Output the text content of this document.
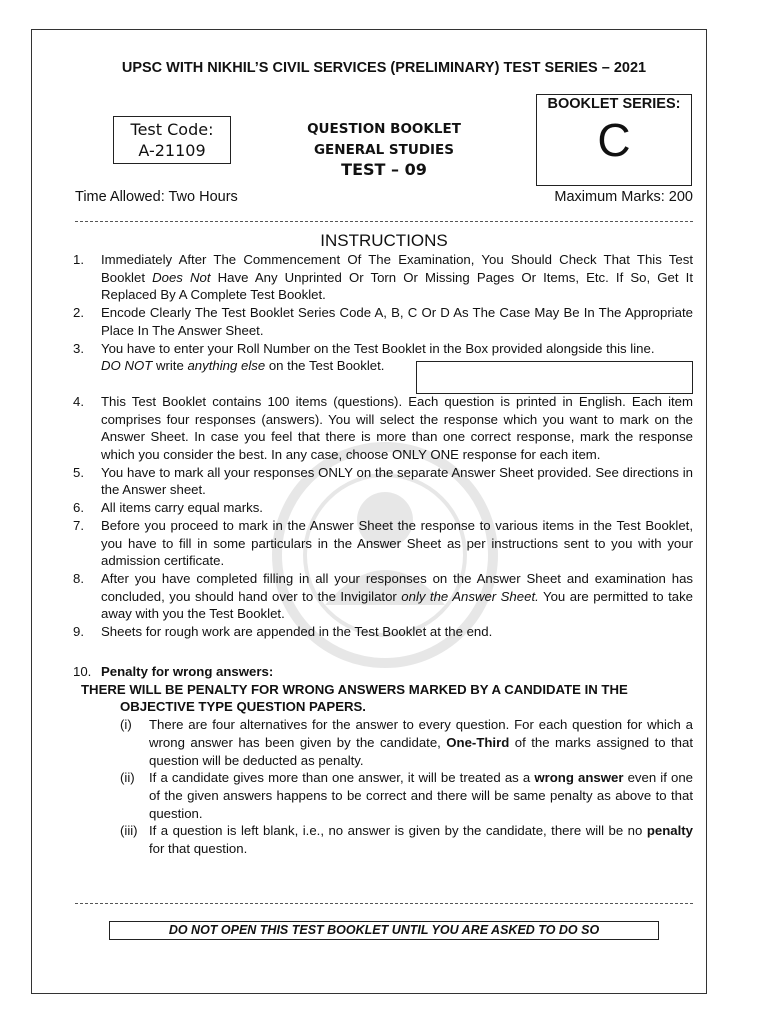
UPSC WITH NIKHIL’S CIVIL SERVICES (PRELIMINARY) TEST SERIES – 2021
Test Code:
A-21109
QUESTION BOOKLET
GENERAL STUDIES
TEST – 09
BOOKLET SERIES:
C
Time Allowed: Two Hours	Maximum Marks: 200
INSTRUCTIONS
1.	Immediately After The Commencement Of The Examination, You Should Check That This Test Booklet Does Not Have Any Unprinted Or Torn Or Missing Pages Or Items, Etc. If So, Get It Replaced By A Complete Test Booklet.
2.	Encode Clearly The Test Booklet Series Code A, B, C Or D As The Case May Be In The Appropriate Place In The Answer Sheet.
3.	You have to enter your Roll Number on the Test Booklet in the Box provided alongside this line.
DO NOT write anything else on the Test Booklet.
4.	This Test Booklet contains 100 items (questions). Each question is printed in English. Each item comprises four responses (answers). You will select the response which you want to mark on the Answer Sheet. In case you feel that there is more than one correct response, mark the response which you consider the best. In any case, choose ONLY ONE response for each item.
5.	You have to mark all your responses ONLY on the separate Answer Sheet provided. See directions in the Answer sheet.
6.	All items carry equal marks.
7.	Before you proceed to mark in the Answer Sheet the response to various items in the Test Booklet, you have to fill in some particulars in the Answer Sheet as per instructions sent to you with your admission certificate.
8.	After you have completed filling in all your responses on the Answer Sheet and examination has concluded, you should hand over to the Invigilator only the Answer Sheet. You are permitted to take away with you the Test Booklet.
9.	Sheets for rough work are appended in the Test Booklet at the end.
10. Penalty for wrong answers:
THERE WILL BE PENALTY FOR WRONG ANSWERS MARKED BY A CANDIDATE IN THE
OBJECTIVE TYPE QUESTION PAPERS.
(i)	There are four alternatives for the answer to every question. For each question for which a wrong answer has been given by the candidate, One-Third of the marks assigned to that question will be deducted as penalty.
(ii)	If a candidate gives more than one answer, it will be treated as a wrong answer even if one of the given answers happens to be correct and there will be same penalty as above to that question.
(iii) If a question is left blank, i.e., no answer is given by the candidate, there will be no penalty for that question.
DO NOT OPEN THIS TEST BOOKLET UNTIL YOU ARE ASKED TO DO SO
